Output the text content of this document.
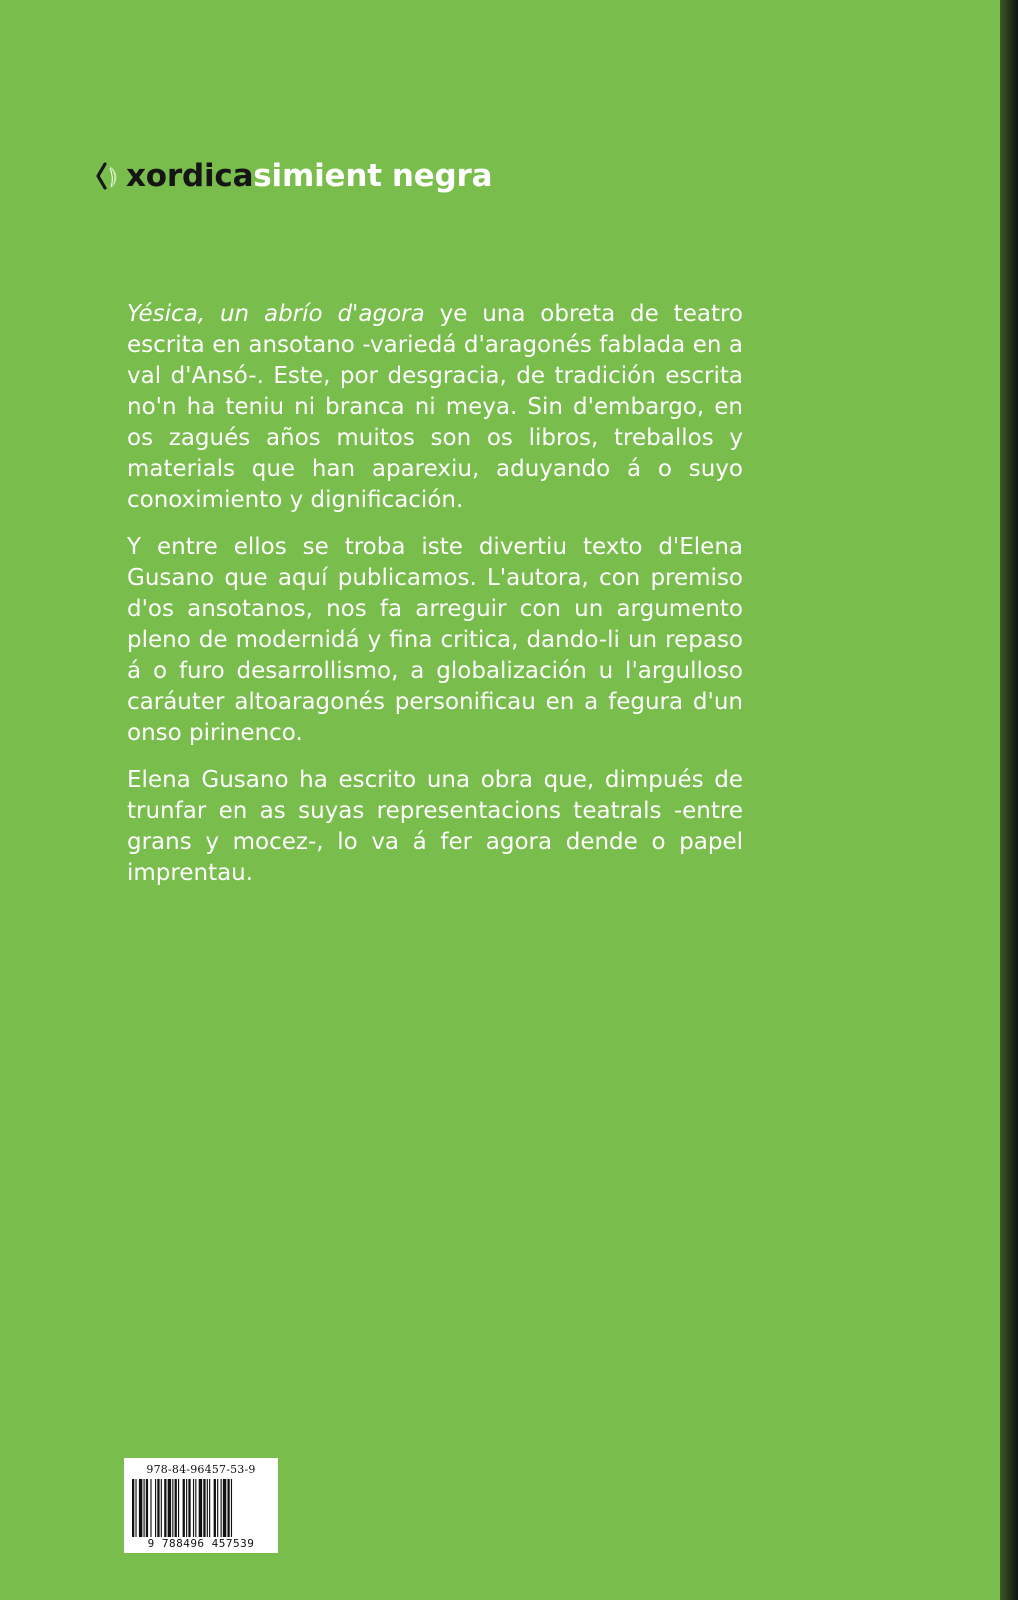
xordica simient negra

Yésica, un abrío d'agora ye una obreta de teatro escrita en ansotano -variedá d'aragonés fablada en a val d'Ansó-. Este, por desgracia, de tradición escrita no'n ha teniu ni branca ni meya. Sin d'embargo, en os zagués años muitos son os libros, treballos y materials que han aparexiu, aduyando á o suyo conoximiento y dignificación.

Y entre ellos se troba iste divertiu texto d'Elena Gusano que aquí publicamos. L'autora, con premiso d'os ansotanos, nos fa arreguir con un argumento pleno de modernidá y fina critica, dando-li un repaso á o furo desarrollismo, a globalización u l'argulloso caráuter altoaragonés personificau en a fegura d'un onso pirinenco.

Elena Gusano ha escrito una obra que, dimpués de trunfar en as suyas representacions teatrals -entre grans y mocez-, lo va á fer agora dende o papel imprentau.

978-84-96457-53-9
9 788496 457539
